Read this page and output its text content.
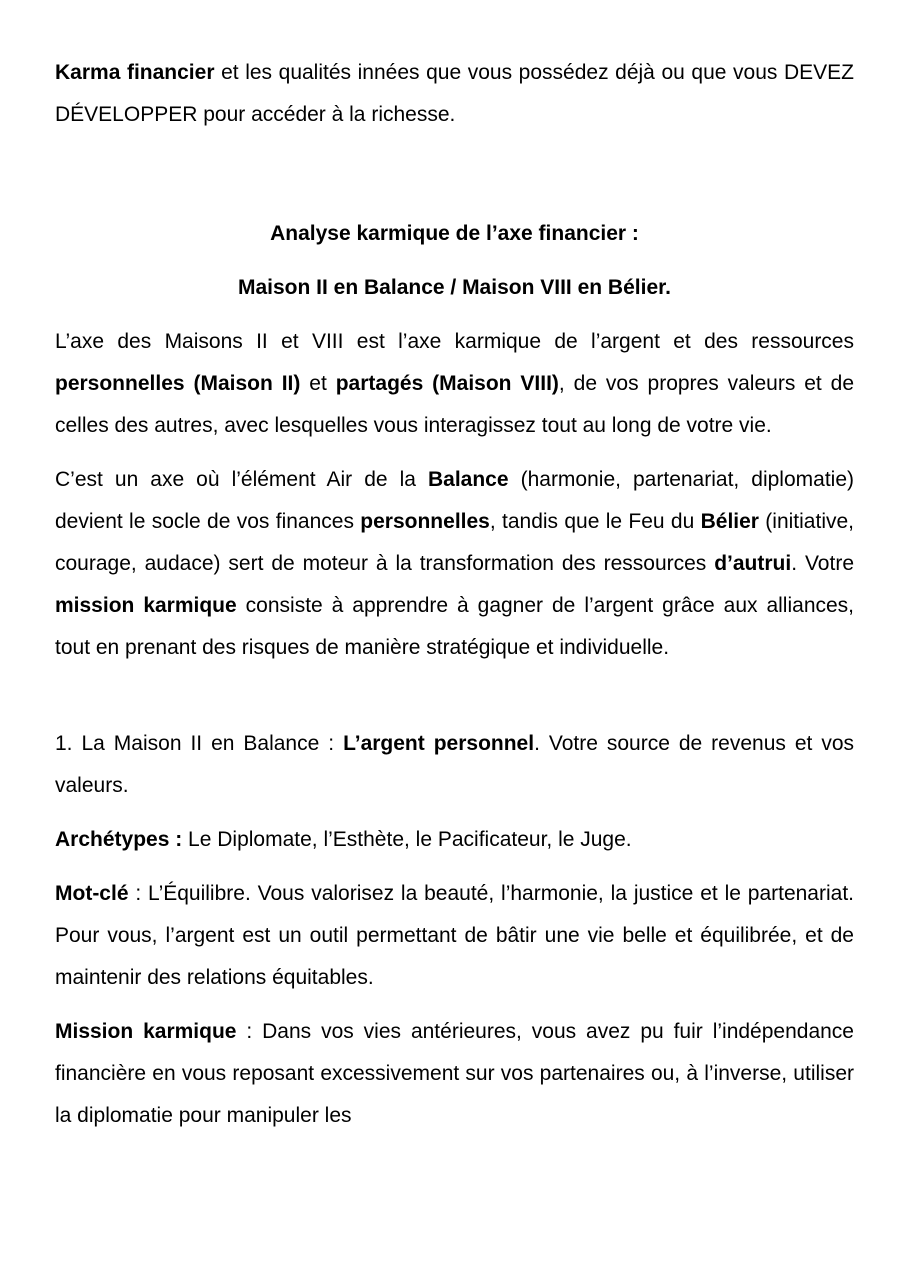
Karma financier et les qualités innées que vous possédez déjà ou que vous DEVEZ DÉVELOPPER pour accéder à la richesse.

Analyse karmique de l’axe financier :

Maison II en Balance / Maison VIII en Bélier.

L’axe des Maisons II et VIII est l’axe karmique de l’argent et des ressources personnelles (Maison II) et partagés (Maison VIII), de vos propres valeurs et de celles des autres, avec lesquelles vous interagissez tout au long de votre vie.

C’est un axe où l’élément Air de la Balance (harmonie, partenariat, diplomatie) devient le socle de vos finances personnelles, tandis que le Feu du Bélier (initiative, courage, audace) sert de moteur à la transformation des ressources d’autrui. Votre mission karmique consiste à apprendre à gagner de l’argent grâce aux alliances, tout en prenant des risques de manière stratégique et individuelle.

1. La Maison II en Balance : L’argent personnel. Votre source de revenus et vos valeurs.

Archétypes : Le Diplomate, l’Esthète, le Pacificateur, le Juge.

Mot-clé : L’Équilibre. Vous valorisez la beauté, l’harmonie, la justice et le partenariat. Pour vous, l’argent est un outil permettant de bâtir une vie belle et équilibrée, et de maintenir des relations équitables.

Mission karmique : Dans vos vies antérieures, vous avez pu fuir l’indépendance financière en vous reposant excessivement sur vos partenaires ou, à l’inverse, utiliser la diplomatie pour manipuler les
